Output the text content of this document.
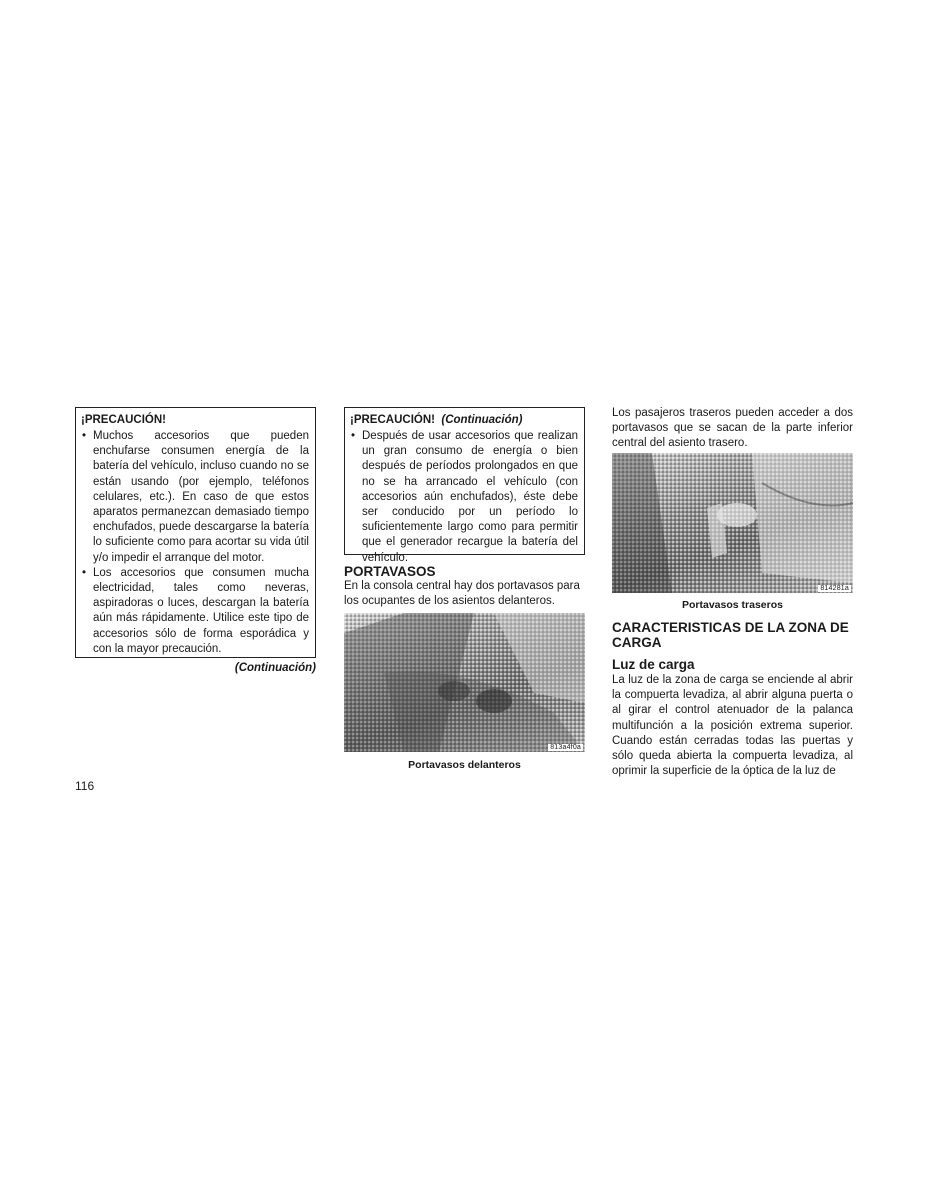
¡PRECAUCIÓN!
• Muchos accesorios que pueden enchufarse consumen energía de la batería del vehículo, incluso cuando no se están usando (por ejemplo, teléfonos celulares, etc.). En caso de que estos aparatos permanezcan demasiado tiempo enchufados, puede descargarse la batería lo suficiente como para acortar su vida útil y/o impedir el arranque del motor.
• Los accesorios que consumen mucha electricidad, tales como neveras, aspiradoras o luces, descargan la batería aún más rápidamente. Utilice este tipo de accesorios sólo de forma esporádica y con la mayor precaución.
(Continuación)
¡PRECAUCIÓN! (Continuación)
• Después de usar accesorios que realizan un gran consumo de energía o bien después de períodos prolongados en que no se ha arrancado el vehículo (con accesorios aún enchufados), éste debe ser conducido por un período lo suficientemente largo como para permitir que el generador recargue la batería del vehículo.
PORTAVASOS

En la consola central hay dos portavasos para los ocupantes de los asientos delanteros.

813a4f0a
Portavasos delanteros

Los pasajeros traseros pueden acceder a dos portavasos que se sacan de la parte inferior central del asiento trasero.

814281a
Portavasos traseros
CARACTERISTICAS DE LA ZONA DE CARGA
Luz de carga

La luz de la zona de carga se enciende al abrir la compuerta levadiza, al abrir alguna puerta o al girar el control atenuador de la palanca multifunción a la posición extrema superior. Cuando están cerradas todas las puertas y sólo queda abierta la compuerta levadiza, al oprimir la superficie de la óptica de la luz de

116
